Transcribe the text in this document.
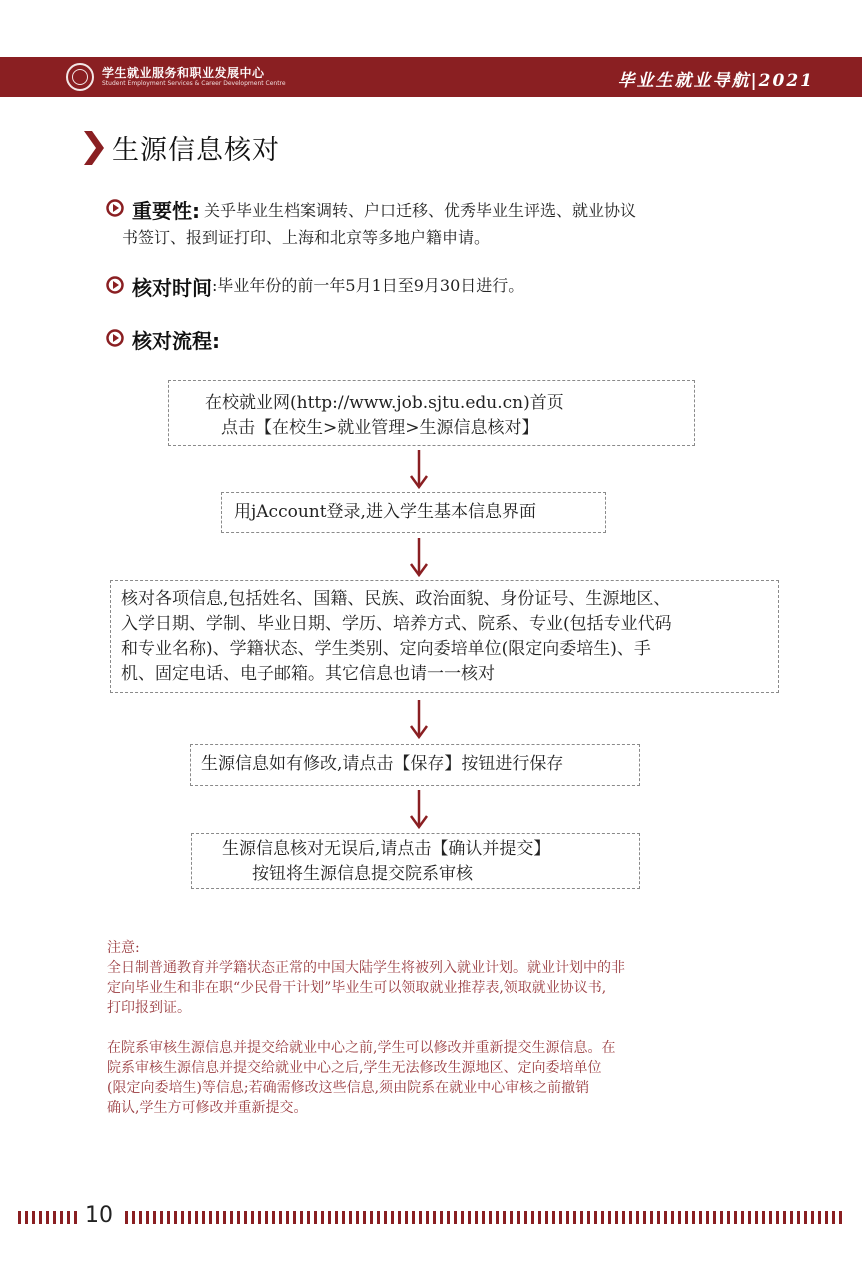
学生就业服务和职业发展中心
Student Employment Services & Career Development Centre	毕业生就业导航|2021
生源信息核对
重要性: 关乎毕业生档案调转、户口迁移、优秀毕业生评选、就业协议
书签订、报到证打印、上海和北京等多地户籍申请。
核对时间 :毕业年份的前一年5月1日至9月30日进行。
核对流程:
在校就业网(http://www.job.sjtu.edu.cn)首页
点击【在校生>就业管理>生源信息核对】
用jAccount登录,进入学生基本信息界面
核对各项信息,包括姓名、国籍、民族、政治面貌、身份证号、生源地区、
入学日期、学制、毕业日期、学历、培养方式、院系、专业(包括专业代码
和专业名称)、学籍状态、学生类别、定向委培单位(限定向委培生)、手
机、固定电话、电子邮箱。其它信息也请一一核对
生源信息如有修改,请点击【保存】按钮进行保存
生源信息核对无误后,请点击【确认并提交】
按钮将生源信息提交院系审核

注意:

全日制普通教育并学籍状态正常的中国大陆学生将被列入就业计划。就业计划中的非

定向毕业生和非在职“少民骨干计划”毕业生可以领取就业推荐表,领取就业协议书,

打印报到证。

在院系审核生源信息并提交给就业中心之前,学生可以修改并重新提交生源信息。在

院系审核生源信息并提交给就业中心之后,学生无法修改生源地区、定向委培单位

(限定向委培生)等信息;若确需修改这些信息,须由院系在就业中心审核之前撤销

确认,学生方可修改并重新提交。

10
